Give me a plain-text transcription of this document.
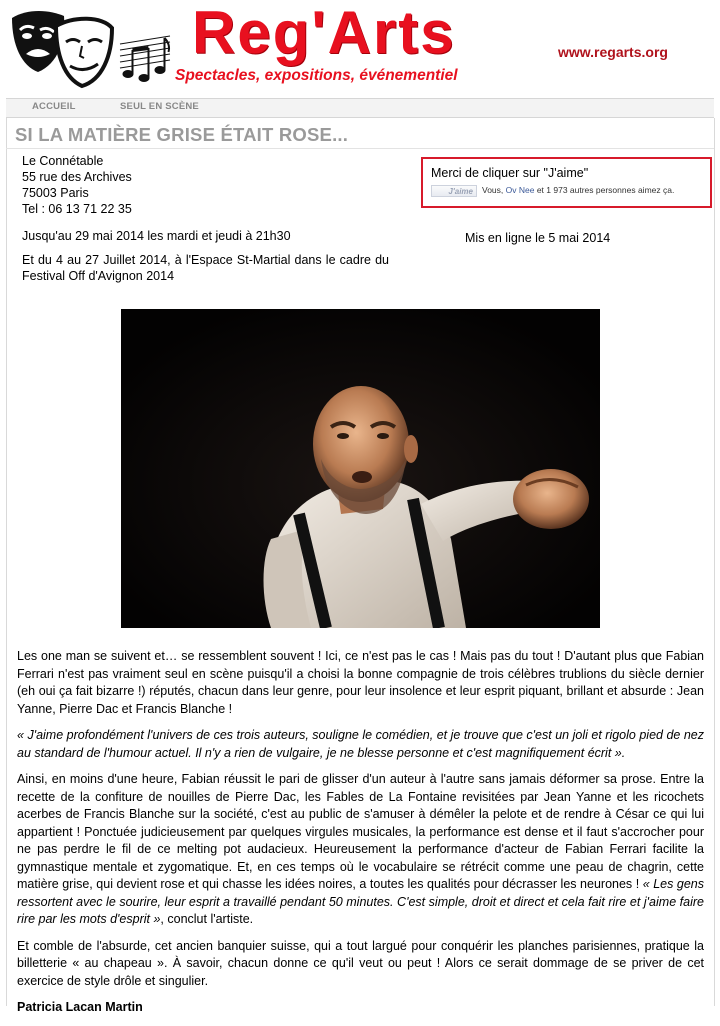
Reg'Arts
Spectacles, expositions, événementiel
www.regarts.org
ACCUEIL	SEUL EN SCÈNE
SI LA MATIÈRE GRISE ÉTAIT ROSE...
Le Connétable
55 rue des Archives
75003 Paris
Tel : 06 13 71 22 35
Jusqu'au 29 mai 2014 les mardi et jeudi à 21h30
Et du 4 au 27 Juillet 2014, à l'Espace St-Martial dans le cadre du Festival Off d'Avignon 2014
Merci de cliquer sur "J'aime"
J'aime	Vous, Ov Nee et 1 973 autres personnes aimez ça.
Mis en ligne le 5 mai 2014

Les one man se suivent et… se ressemblent souvent ! Ici, ce n'est pas le cas ! Mais pas du tout ! D'autant plus que Fabian Ferrari n'est pas vraiment seul en scène puisqu'il a choisi la bonne compagnie de trois célèbres trublions du siècle dernier (eh oui ça fait bizarre !) réputés, chacun dans leur genre, pour leur insolence et leur esprit piquant, brillant et absurde : Jean Yanne, Pierre Dac et Francis Blanche !

« J'aime profondément l'univers de ces trois auteurs, souligne le comédien, et je trouve que c'est un joli et rigolo pied de nez au standard de l'humour actuel. Il n'y a rien de vulgaire, je ne blesse personne et c'est magnifiquement écrit ».

Ainsi, en moins d'une heure, Fabian réussit le pari de glisser d'un auteur à l'autre sans jamais déformer sa prose. Entre la recette de la confiture de nouilles de Pierre Dac, les Fables de La Fontaine revisitées par Jean Yanne et les ricochets acerbes de Francis Blanche sur la société, c'est au public de s'amuser à démêler la pelote et de rendre à César ce qui lui appartient ! Ponctuée judicieusement par quelques virgules musicales, la performance est dense et il faut s'accrocher pour ne pas perdre le fil de ce melting pot audacieux. Heureusement la performance d'acteur de Fabian Ferrari facilite la gymnastique mentale et zygomatique. Et, en ces temps où le vocabulaire se rétrécit comme une peau de chagrin, cette matière grise, qui devient rose et qui chasse les idées noires, a toutes les qualités pour décrasser les neurones ! « Les gens ressortent avec le sourire, leur esprit a travaillé pendant 50 minutes. C'est simple, droit et direct et cela fait rire et j'aime faire rire par les mots d'esprit », conclut l'artiste.

Et comble de l'absurde, cet ancien banquier suisse, qui a tout largué pour conquérir les planches parisiennes, pratique la billetterie « au chapeau ». À savoir, chacun donne ce qu'il veut ou peut ! Alors ce serait dommage de se priver de cet exercice de style drôle et singulier.

Patricia Lacan Martin
